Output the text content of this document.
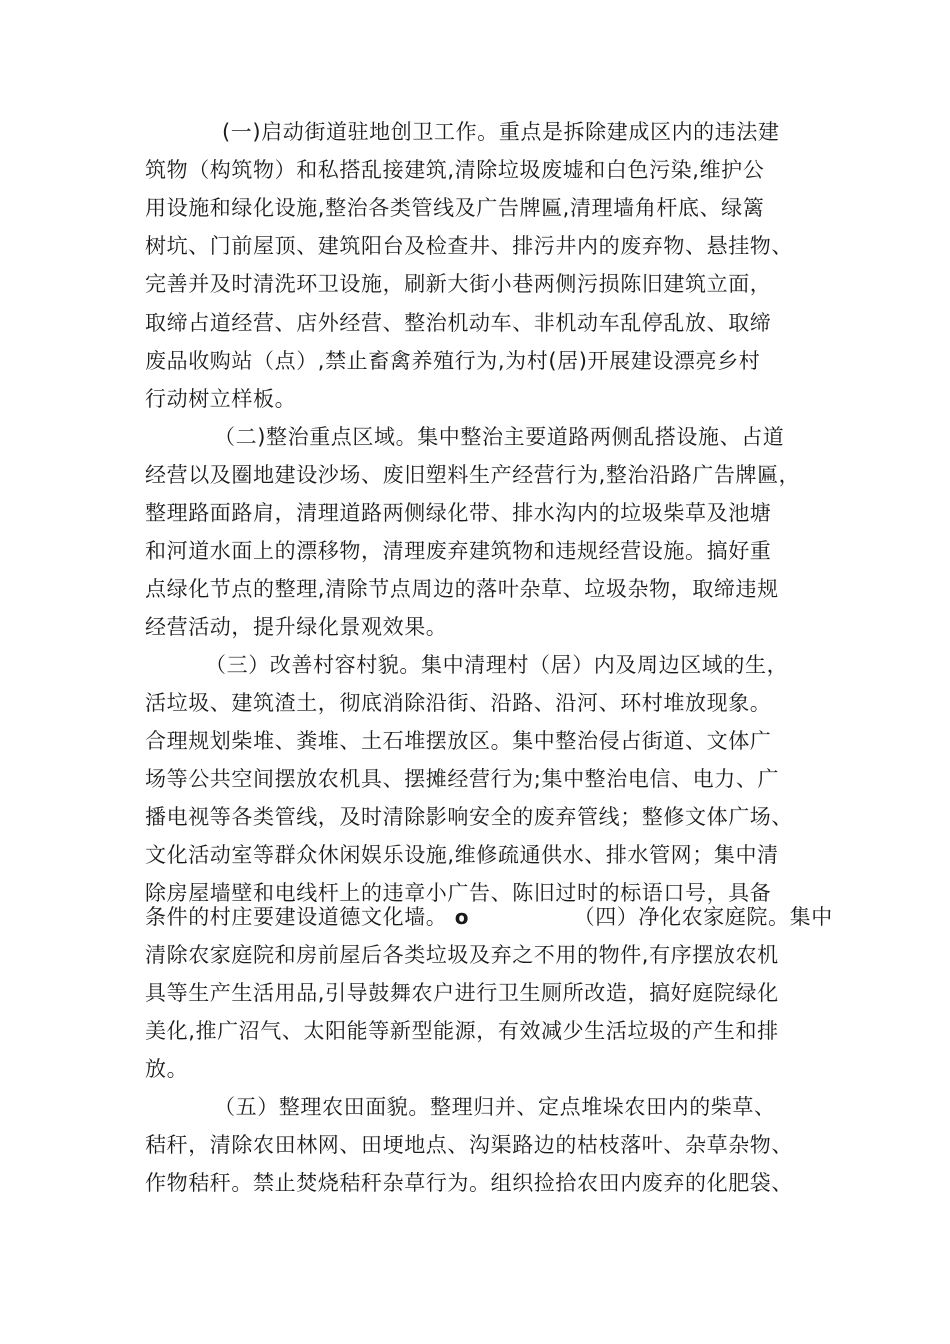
(一)启动街道驻地创卫工作。重点是拆除建成区内的违法建
筑物（构筑物）和私搭乱接建筑,清除垃圾废墟和白色污染,维护公
用设施和绿化设施,整治各类管线及广告牌匾,清理墙角杆底、绿篱
树坑、门前屋顶、建筑阳台及检查井、排污井内的废弃物、悬挂物、
完善并及时清洗环卫设施，刷新大街小巷两侧污损陈旧建筑立面，
取缔占道经营、店外经营、整治机动车、非机动车乱停乱放、取缔
废品收购站（点）,禁止畜禽养殖行为,为村(居)开展建设漂亮乡村
行动树立样板。
（二)整治重点区域。集中整治主要道路两侧乱搭设施、占道
经营以及圈地建设沙场、废旧塑料生产经营行为,整治沿路广告牌匾，
整理路面路肩，清理道路两侧绿化带、排水沟内的垃圾柴草及池塘
和河道水面上的漂移物，清理废弃建筑物和违规经营设施。搞好重
点绿化节点的整理,清除节点周边的落叶杂草、垃圾杂物，取缔违规
经营活动，提升绿化景观效果。
（三）改善村容村貌。集中清理村（居）内及周边区域的生，
活垃圾、建筑渣土，彻底消除沿街、沿路、沿河、环村堆放现象。
合理规划柴堆、粪堆、土石堆摆放区。集中整治侵占街道、文体广
场等公共空间摆放农机具、摆摊经营行为;集中整治电信、电力、广
播电视等各类管线，及时清除影响安全的废弃管线；整修文体广场、
文化活动室等群众休闲娱乐设施,维修疏通供水、排水管网；集中清
除房屋墙壁和电线杆上的违章小广告、陈旧过时的标语口号，具备
条件的村庄要建设道德文化墙。 o	（四）净化农家庭院。集中
清除农家庭院和房前屋后各类垃圾及弃之不用的物件,有序摆放农机
具等生产生活用品,引导鼓舞农户进行卫生厕所改造，搞好庭院绿化
美化,推广沼气、太阳能等新型能源，有效减少生活垃圾的产生和排
放。
（五）整理农田面貌。整理归并、定点堆垛农田内的柴草、
秸秆，清除农田林网、田埂地点、沟渠路边的枯枝落叶、杂草杂物、
作物秸秆。禁止焚烧秸秆杂草行为。组织捡拾农田内废弃的化肥袋、
